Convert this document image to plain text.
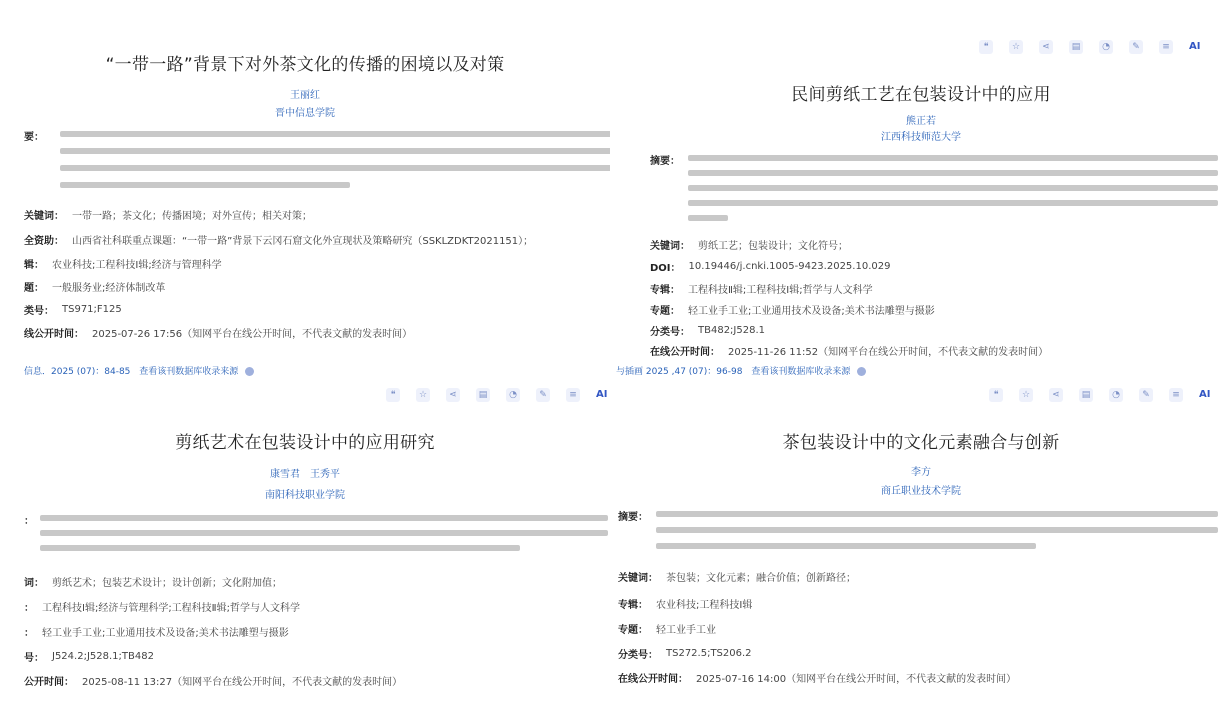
“一带一路”背景下对外茶文化的传播的困境以及对策
王丽红
晋中信息学院
要：
关键词： 一带一路；茶文化；传播困境；对外宣传；相关对策；
全资助： 山西省社科联重点课题：“一带一路”背景下云冈石窟文化外宣现状及策略研究（SSKLZDKT2021151）；
辑： 农业科技;工程科技Ⅰ辑;经济与管理科学
题： 一般服务业;经济体制改革
类号： TS971;F125
线公开时间： 2025-07-26 17:56（知网平台在线公开时间，不代表文献的发表时间）
信息．2025 (07)：84-85 查看该刊数据库收录来源
❝	☆	⋖	▤	◔	✎	≡	AI
民间剪纸工艺在包装设计中的应用
熊正若
江西科技师范大学
摘要：
关键词： 剪纸工艺；包装设计；文化符号；
DOI： 10.19446/j.cnki.1005-9423.2025.10.029
专辑： 工程科技Ⅱ辑;工程科技Ⅰ辑;哲学与人文科学
专题： 轻工业手工业;工业通用技术及设备;美术书法雕塑与摄影
分类号： TB482;J528.1
在线公开时间： 2025-11-26 11:52（知网平台在线公开时间，不代表文献的发表时间）
与插画 2025 ,47 (07)：96-98 查看该刊数据库收录来源
❝	☆	⋖	▤	◔	✎	≡	AI
剪纸艺术在包装设计中的应用研究
康雪君　王秀平
南阳科技职业学院
：
词： 剪纸艺术；包装艺术设计；设计创新；文化附加值；
： 工程科技Ⅰ辑;经济与管理科学;工程科技Ⅱ辑;哲学与人文科学
： 轻工业手工业;工业通用技术及设备;美术书法雕塑与摄影
号： J524.2;J528.1;TB482
公开时间： 2025-08-11 13:27（知网平台在线公开时间，不代表文献的发表时间）
❝	☆	⋖	▤	◔	✎	≡	AI
茶包装设计中的文化元素融合与创新
李方
商丘职业技术学院
摘要：
关键词： 茶包装；文化元素；融合价值；创新路径；
专辑： 农业科技;工程科技Ⅰ辑
专题： 轻工业手工业
分类号： TS272.5;TS206.2
在线公开时间： 2025-07-16 14:00（知网平台在线公开时间，不代表文献的发表时间）
